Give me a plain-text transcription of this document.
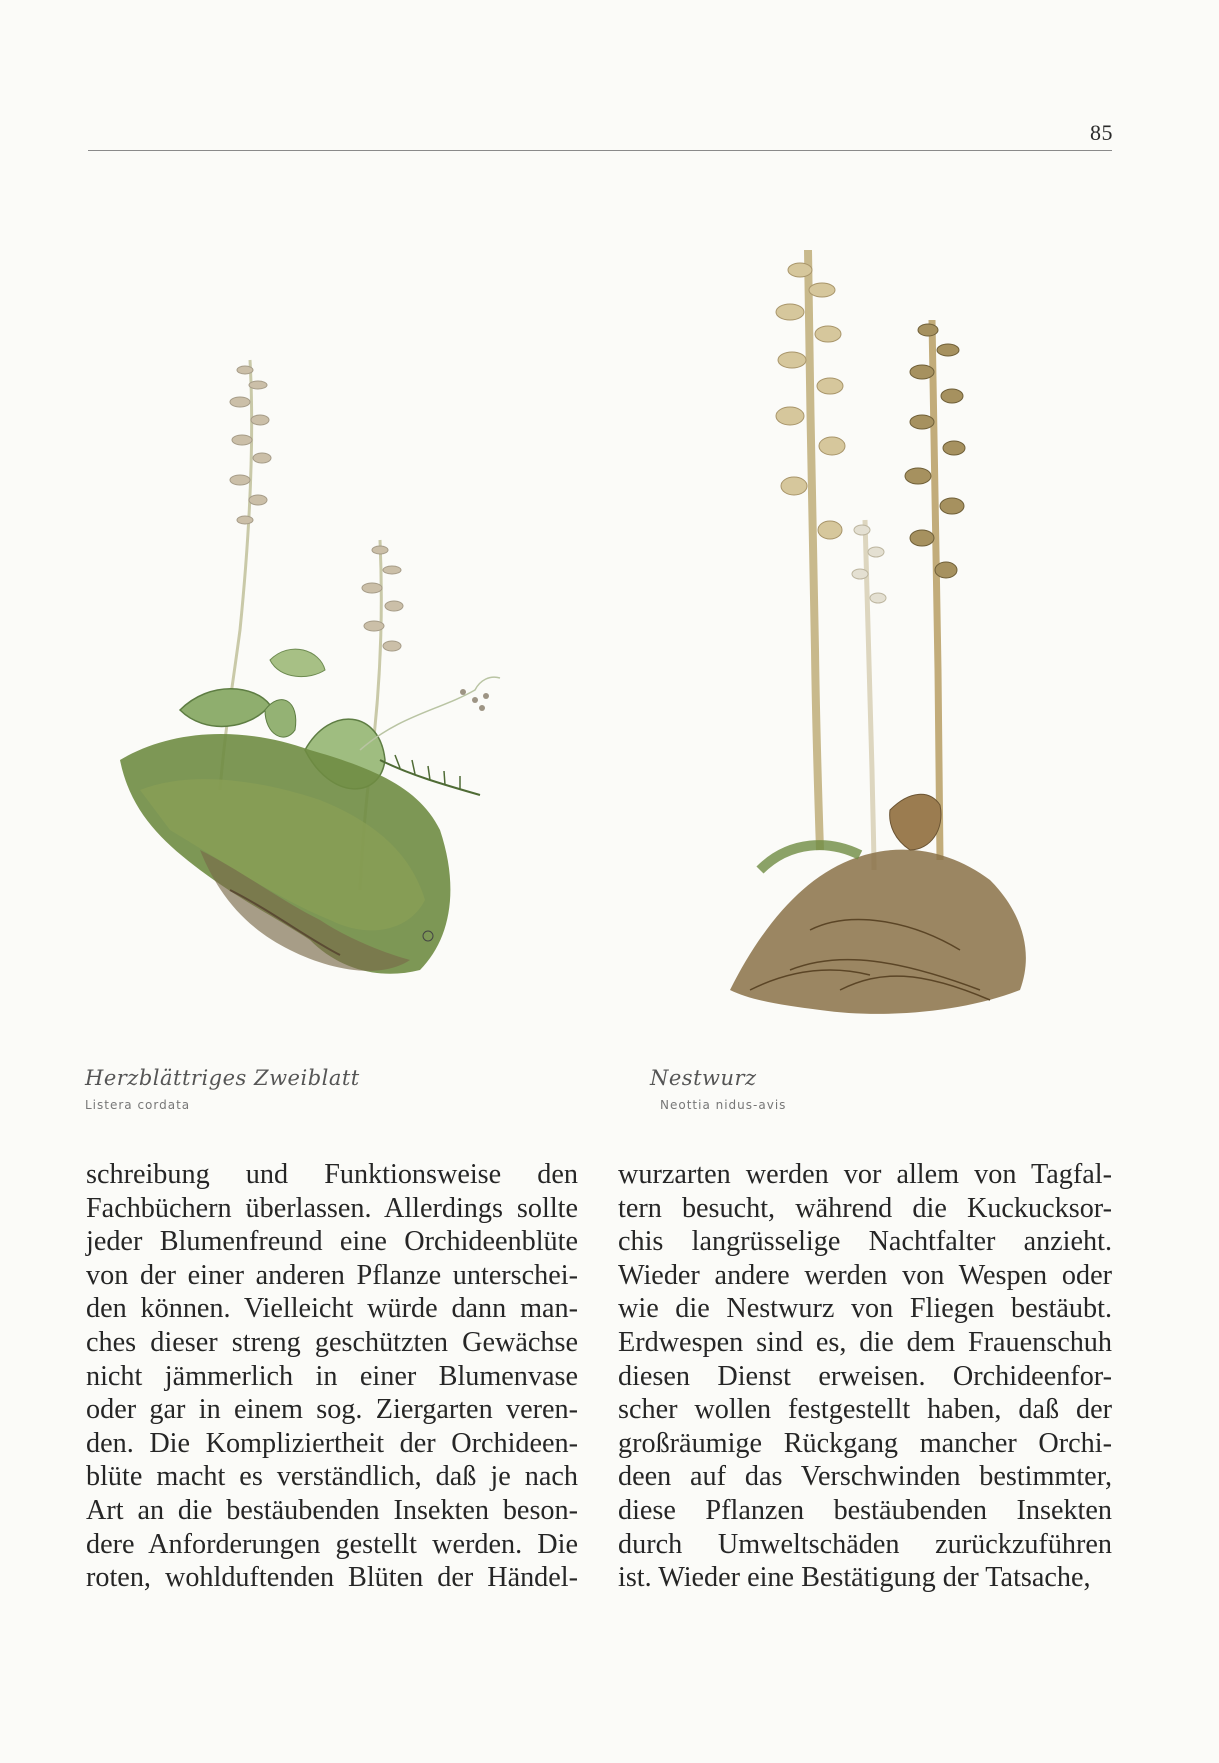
85
Herzblättriges Zweiblatt
Listera cordata
Nestwurz
Neottia nidus-avis
schreibung und Funktionsweise den
Fachbüchern überlassen. Allerdings sollte
jeder Blumenfreund eine Orchideenblüte
von der einer anderen Pflanze unterschei-
den können. Vielleicht würde dann man-
ches dieser streng geschützten Gewächse
nicht jämmerlich in einer Blumenvase
oder gar in einem sog. Ziergarten veren-
den. Die Kompliziertheit der Orchideen-
blüte macht es verständlich, daß je nach
Art an die bestäubenden Insekten beson-
dere Anforderungen gestellt werden. Die
roten, wohlduftenden Blüten der Händel-
wurzarten werden vor allem von Tagfal-
tern besucht, während die Kuckucksor-
chis langrüsselige Nachtfalter anzieht.
Wieder andere werden von Wespen oder
wie die Nestwurz von Fliegen bestäubt.
Erdwespen sind es, die dem Frauenschuh
diesen Dienst erweisen. Orchideenfor-
scher wollen festgestellt haben, daß der
großräumige Rückgang mancher Orchi-
deen auf das Verschwinden bestimmter,
diese Pflanzen bestäubenden Insekten
durch Umweltschäden zurückzuführen
ist. Wieder eine Bestätigung der Tatsache,
